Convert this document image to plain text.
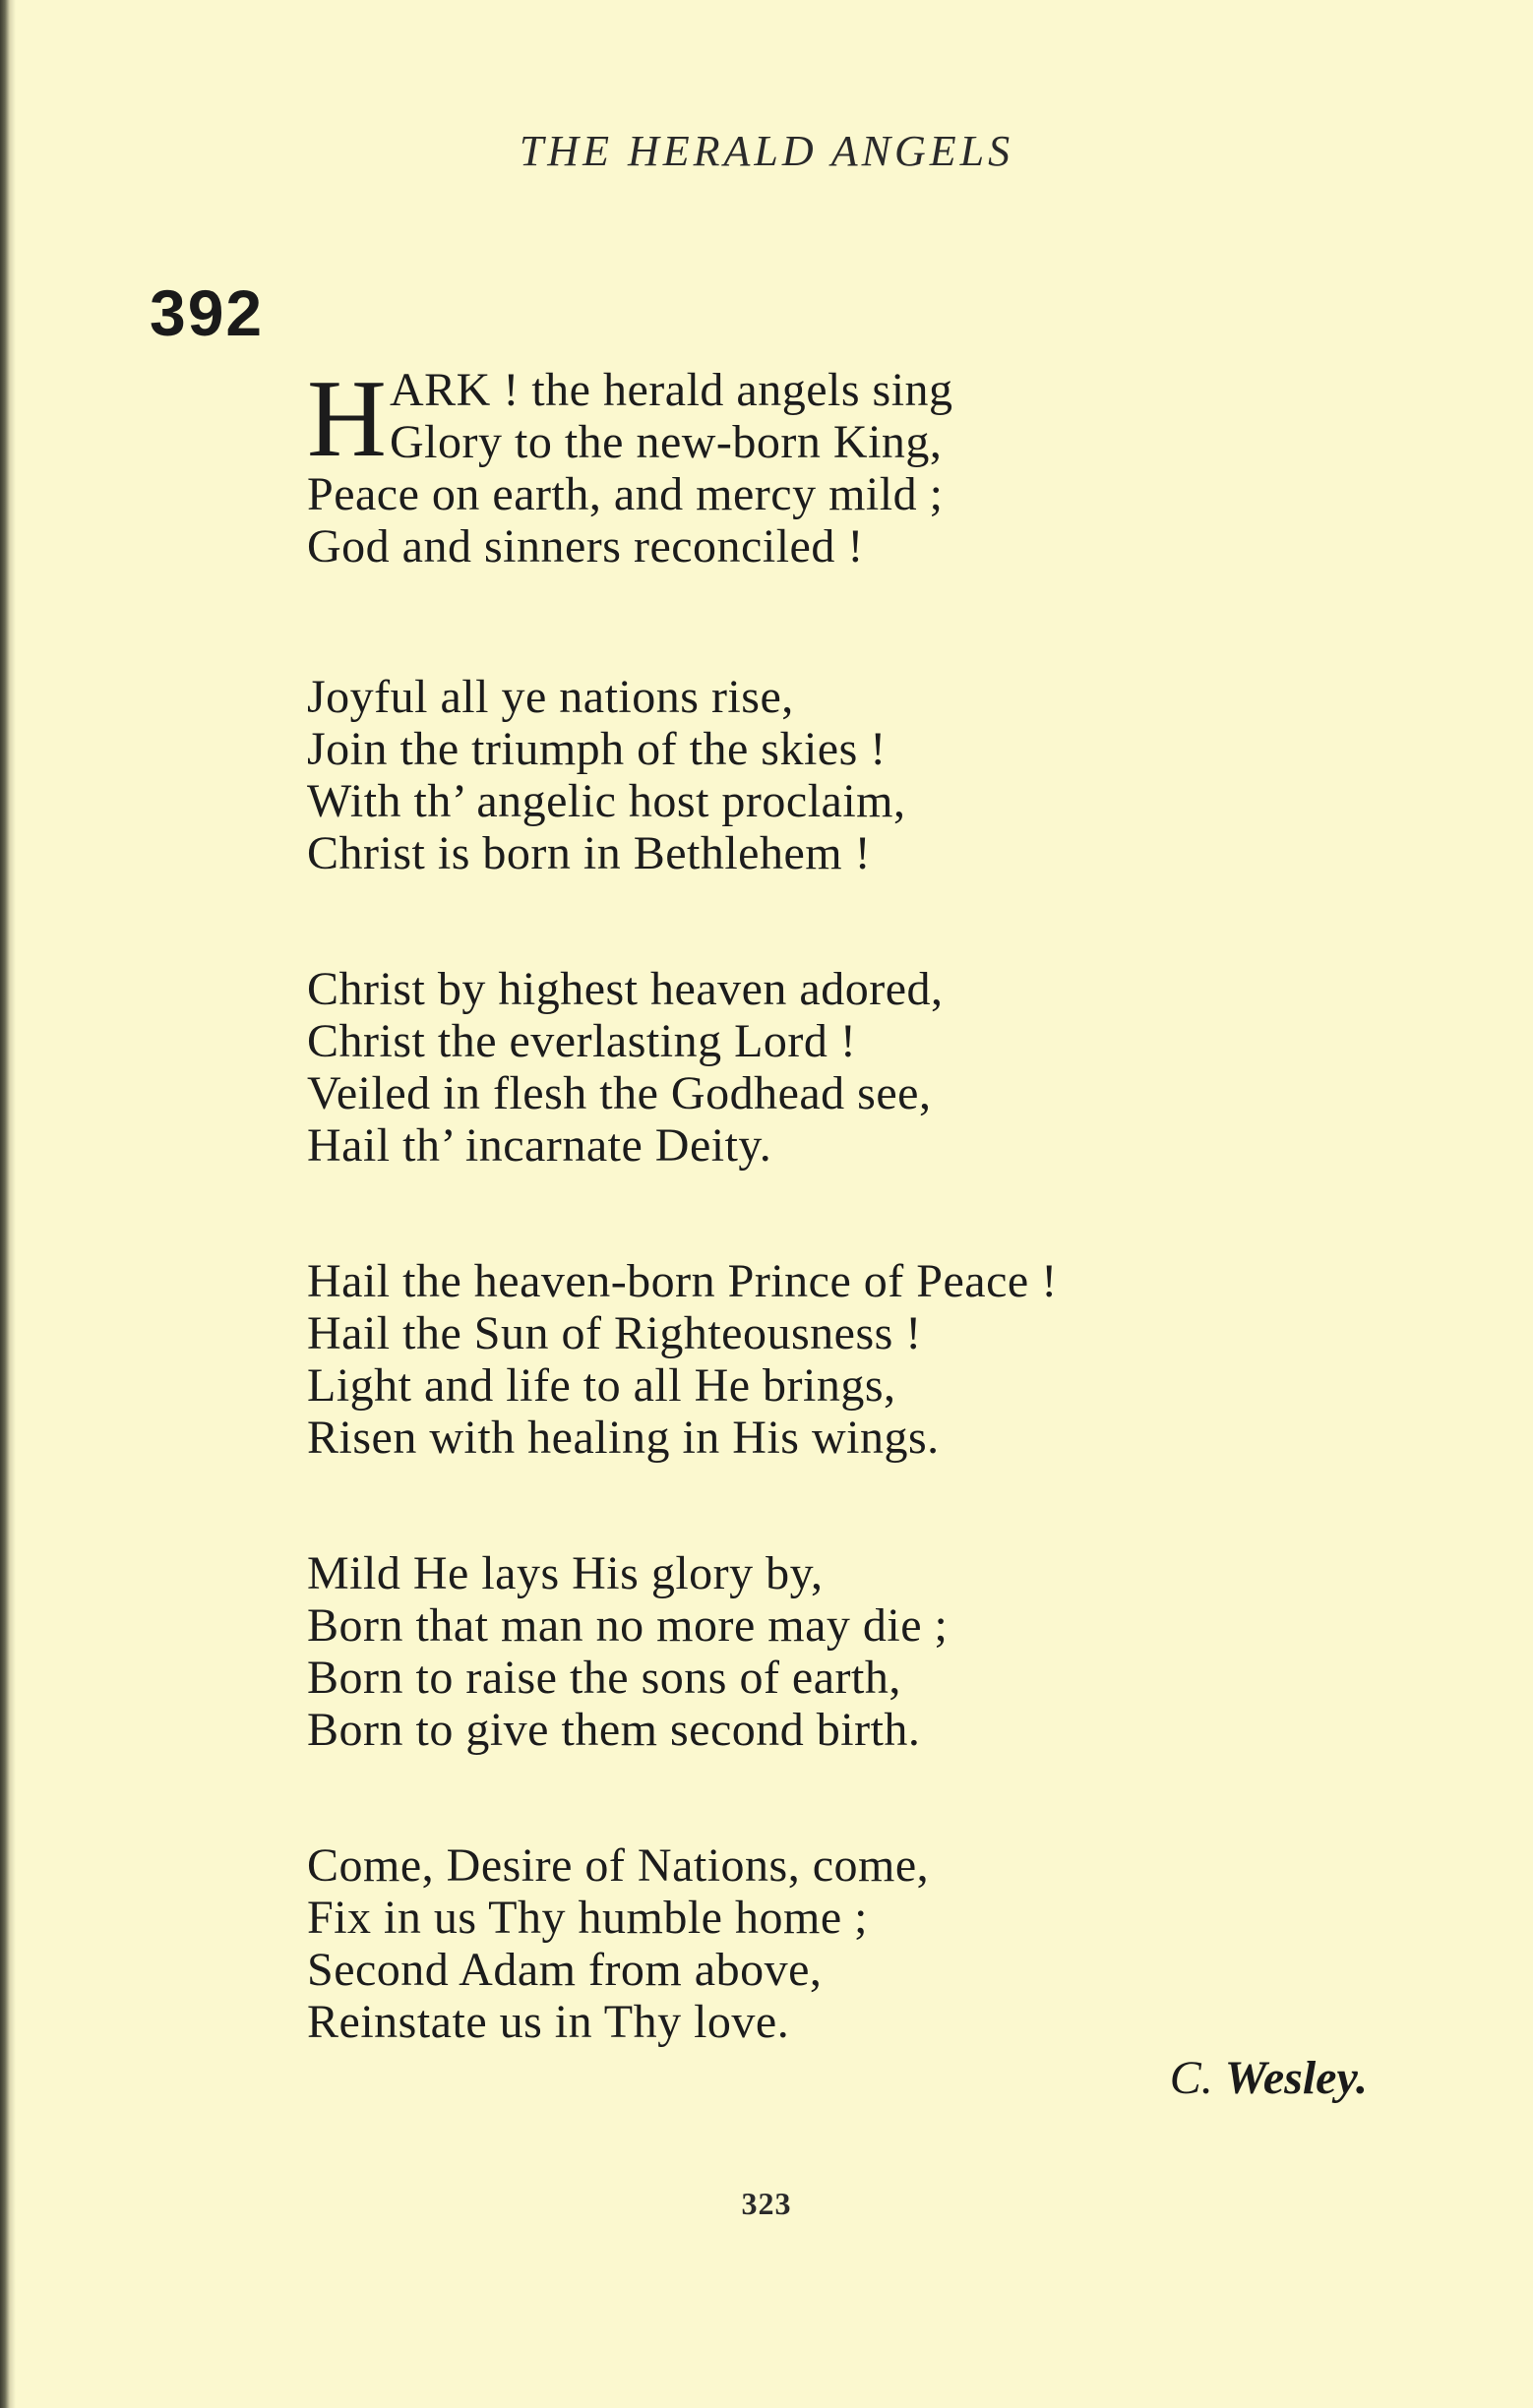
THE HERALD ANGELS
392
H ARK ! the herald angels sing
Glory to the new-born King,
Peace on earth, and mercy mild ;
God and sinners reconciled !
Joyful all ye nations rise,
Join the triumph of the skies !
With th’ angelic host proclaim,
Christ is born in Bethlehem !
Christ by highest heaven adored,
Christ the everlasting Lord !
Veiled in flesh the Godhead see,
Hail th’ incarnate Deity.
Hail the heaven-born Prince of Peace !
Hail the Sun of Righteousness !
Light and life to all He brings,
Risen with healing in His wings.
Mild He lays His glory by,
Born that man no more may die ;
Born to raise the sons of earth,
Born to give them second birth.
Come, Desire of Nations, come,
Fix in us Thy humble home ;
Second Adam from above,
Reinstate us in Thy love.
C. Wesley.
323
